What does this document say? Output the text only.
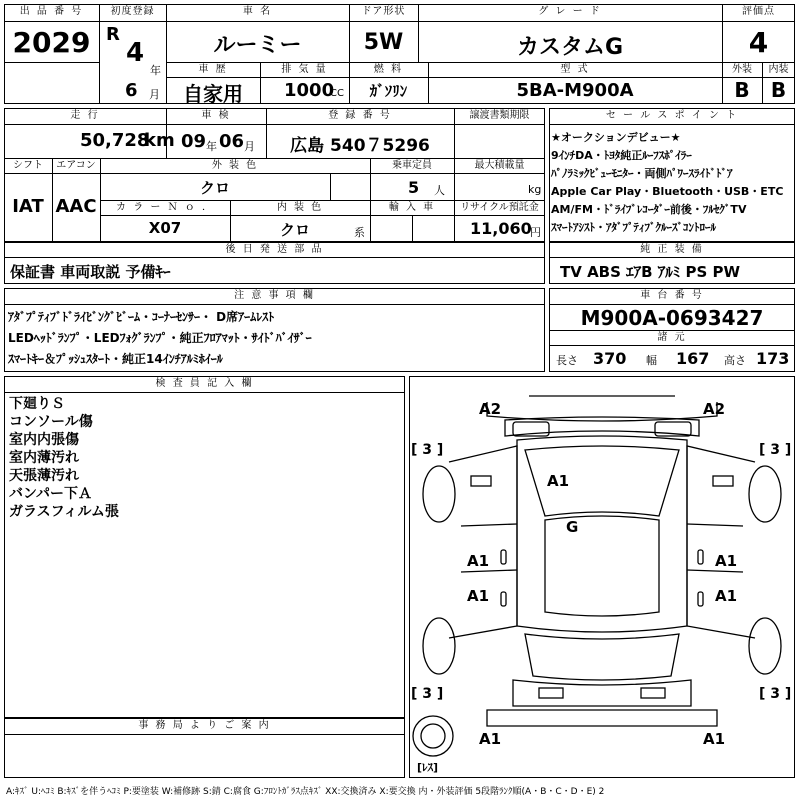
出 品 番 号
2029
初度登録
R
4
年
6 月
車 名
ルーミー
ドア形状
5W
グ レ ー ド
カスタムG
評価点
4
車 歴
自家用
排 気 量
1000
CC
燃 料
ｶﾞｿﾘﾝ
型 式
5BA-M900A
外装
B
内装
B
走 行
50,728
km
車 検
09 年 06 月
登 録 番 号
広島 540７5296
譲渡書類期限
シフト
IAT
エアコン
AAC
外 装 色
クロ
乗車定員
5 人
最大積載量
kg
カ ラ ー Ｎ ｏ ．
X07
内 装 色
クロ	系
輸 入 車	リサイクル預託金
11,060
円
セ ー ル ス ポ イ ン ト
★オークションデビュー★
9ｲﾝﾁDA・ﾄﾖﾀ純正ﾙｰﾌｽﾎﾟｲﾗｰ
ﾊﾟﾉﾗﾐｯｸﾋﾞｭｰﾓﾆﾀｰ・両側ﾊﾟﾜｰｽﾗｲﾄﾞﾄﾞｱ
Apple Car Play・Bluetooth・USB・ETC
AM/FM・ﾄﾞﾗｲﾌﾞﾚｺｰﾀﾞｰ前後・ﾌﾙｾｸﾞTV
ｽﾏｰﾄｱｼｽﾄ・ｱﾀﾞﾌﾟﾃｨﾌﾞｸﾙｰｽﾞｺﾝﾄﾛｰﾙ
後 日 発 送 部 品
保証書 車両取説 予備ｷｰ
純 正 装 備
TV ABS ｴｱB ｱﾙﾐ PS PW
注 意 事 項 欄
ｱﾀﾞﾌﾟﾃｨﾌﾞﾄﾞﾗｲﾋﾞﾝｸﾞﾋﾞｰﾑ・ｺｰﾅｰｾﾝｻｰ・ D席ｱｰﾑﾚｽﾄ
LEDﾍｯﾄﾞﾗﾝﾌﾟ・LEDﾌｫｸﾞﾗﾝﾌﾟ・純正ﾌﾛｱﾏｯﾄ・ｻｲﾄﾞﾊﾞｲｻﾞｰ
ｽﾏｰﾄｷｰ＆ﾌﾟｯｼｭｽﾀｰﾄ・純正14ｲﾝﾁｱﾙﾐﾎｲｰﾙ
車 台 番 号
M900A-0693427
諸 元
長さ 370 幅 167 高さ 173
検 査 員 記 入 欄
下廻りＳ
コンソール傷
室内内張傷
室内薄汚れ
天張薄汚れ
バンパー下Ａ
ガラスフィルム張
事 務 局 よ り ご 案 内
A2	A2
A1
G
A1	A1
A1	A1
A1	A1
[ 3 ]	[ 3 ]
[ 3 ]	[ 3 ]
[ﾚｽ]
A:ｷｽﾞ U:ﾍｺﾐ B:ｷｽﾞを伴うﾍｺﾐ P:要塗装 W:補修跡 S:錆 C:腐食 G:ﾌﾛﾝﾄｶﾞﾗｽ点ｷｽﾞ XX:交換済み X:要交換 内・外装評価 5段階ﾗﾝｸ順(A・B・C・D・E) 2
